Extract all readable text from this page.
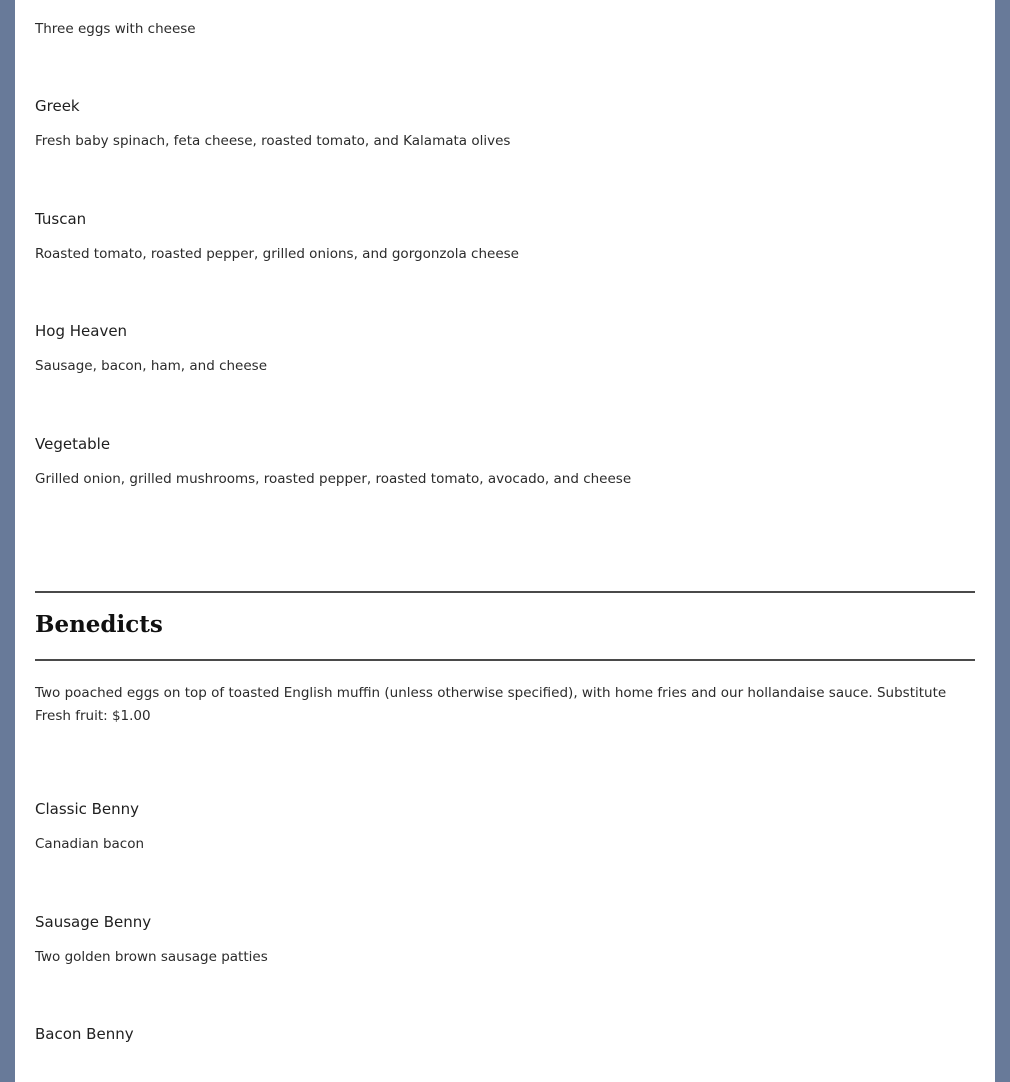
Three eggs with cheese
Greek
Fresh baby spinach, feta cheese, roasted tomato, and Kalamata olives
Tuscan
Roasted tomato, roasted pepper, grilled onions, and gorgonzola cheese
Hog Heaven
Sausage, bacon, ham, and cheese
Vegetable
Grilled onion, grilled mushrooms, roasted pepper, roasted tomato, avocado, and cheese
Benedicts
Two poached eggs on top of toasted English muffin (unless otherwise specified), with home fries and our hollandaise sauce. Substitute Fresh fruit: $1.00
Classic Benny
Canadian bacon
Sausage Benny
Two golden brown sausage patties
Bacon Benny
